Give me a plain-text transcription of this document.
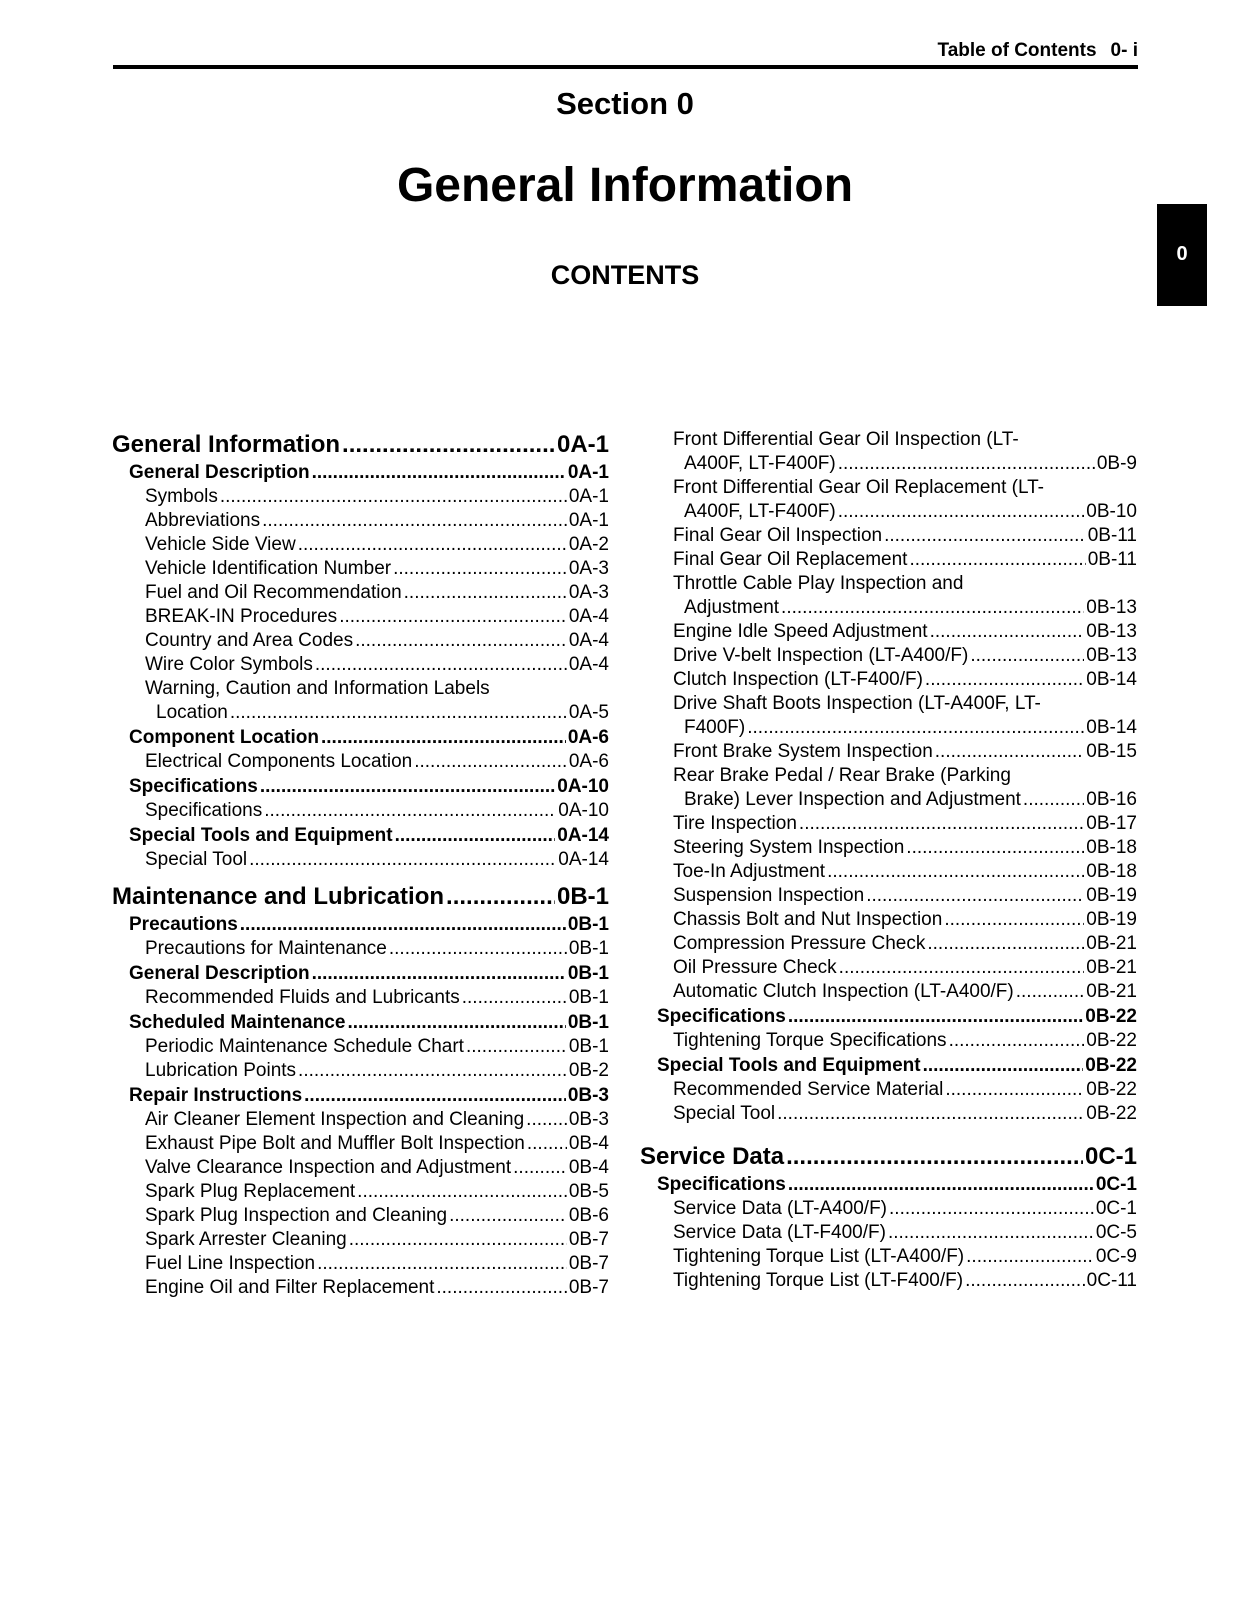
Table of Contents 0- i
Section 0
General Information
CONTENTS
0
General Information .....	0A-1
General Description .....	0A-1
Symbols .....	0A-1
Abbreviations .....	0A-1
Vehicle Side View .....	0A-2
Vehicle Identification Number .....	0A-3
Fuel and Oil Recommendation .....	0A-3
BREAK-IN Procedures .....	0A-4
Country and Area Codes .....	0A-4
Wire Color Symbols .....	0A-4
Warning, Caution and Information Labels
Location .....	0A-5
Component Location .....	0A-6
Electrical Components Location .....	0A-6
Specifications .....	0A-10
Specifications .....	0A-10
Special Tools and Equipment .....	0A-14
Special Tool .....	0A-14
Maintenance and Lubrication .....	0B-1
Precautions .....	0B-1
Precautions for Maintenance .....	0B-1
General Description .....	0B-1
Recommended Fluids and Lubricants .....	0B-1
Scheduled Maintenance .....	0B-1
Periodic Maintenance Schedule Chart .....	0B-1
Lubrication Points .....	0B-2
Repair Instructions .....	0B-3
Air Cleaner Element Inspection and Cleaning ..... 0B-3
Exhaust Pipe Bolt and Muffler Bolt Inspection ..... 0B-4
Valve Clearance Inspection and Adjustment .....	0B-4
Spark Plug Replacement .....	0B-5
Spark Plug Inspection and Cleaning .....	0B-6
Spark Arrester Cleaning .....	0B-7
Fuel Line Inspection .....	0B-7
Engine Oil and Filter Replacement .....	0B-7
Front Differential Gear Oil Inspection (LT-
A400F, LT-F400F) .....	0B-9
Front Differential Gear Oil Replacement (LT-
A400F, LT-F400F) .....	0B-10
Final Gear Oil Inspection .....	0B-11
Final Gear Oil Replacement .....	0B-11
Throttle Cable Play Inspection and
Adjustment .....	0B-13
Engine Idle Speed Adjustment .....	0B-13
Drive V-belt Inspection (LT-A400/F) .....	0B-13
Clutch Inspection (LT-F400/F) .....	0B-14
Drive Shaft Boots Inspection (LT-A400F, LT-
F400F) .....	0B-14
Front Brake System Inspection .....	0B-15
Rear Brake Pedal / Rear Brake (Parking
Brake) Lever Inspection and Adjustment .....	0B-16
Tire Inspection .....	0B-17
Steering System Inspection .....	0B-18
Toe-In Adjustment .....	0B-18
Suspension Inspection .....	0B-19
Chassis Bolt and Nut Inspection .....	0B-19
Compression Pressure Check .....	0B-21
Oil Pressure Check .....	0B-21
Automatic Clutch Inspection (LT-A400/F) .....	0B-21
Specifications .....	0B-22
Tightening Torque Specifications .....	0B-22
Special Tools and Equipment .....	0B-22
Recommended Service Material .....	0B-22
Special Tool .....	0B-22
Service Data .....	0C-1
Specifications .....	0C-1
Service Data (LT-A400/F) .....	0C-1
Service Data (LT-F400/F) .....	0C-5
Tightening Torque List (LT-A400/F) .....	0C-9
Tightening Torque List (LT-F400/F) .....	0C-11
